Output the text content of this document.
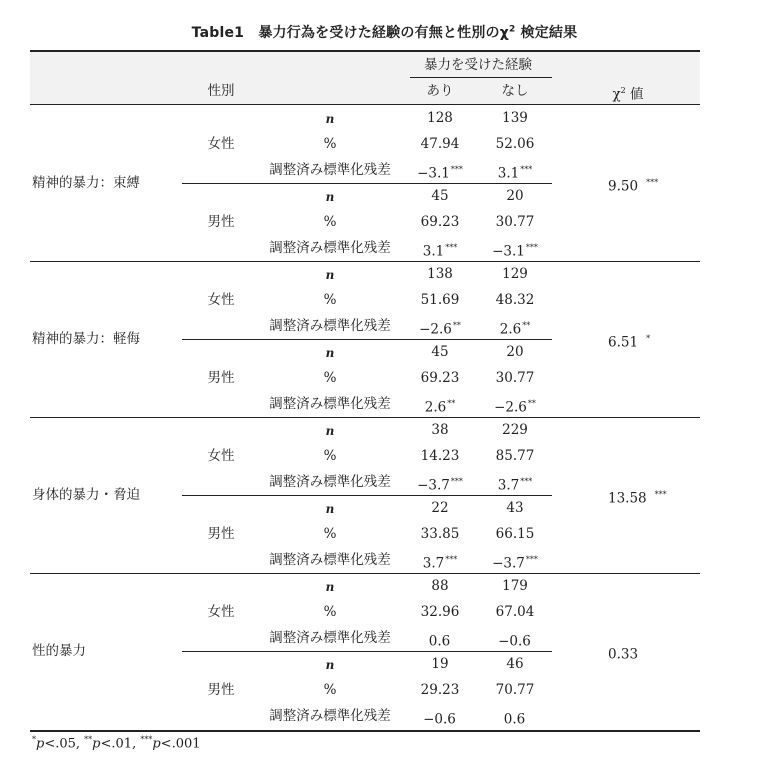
Table1　暴力行為を受けた経験の有無と性別の$\chi^2$ 検定結果
暴力を受けた経験
性別	あり	なし	$\chi^2$ 値
精神的暴力：束縛	9.50 ***
女性
n	128	139
%	47.94	52.06
調整済み標準化残差 −3.1***	3.1***
男性
n	45	20
%	69.23	30.77
調整済み標準化残差 3.1***	−3.1***
精神的暴力：軽侮	6.51 *
女性
n	138	129
%	51.69	48.32
調整済み標準化残差 −2.6**	2.6**
男性
n	45	20
%	69.23	30.77
調整済み標準化残差	2.6**	−2.6**
身体的暴力・脅迫	13.58 ***
女性
n	38	229
%	14.23	85.77
調整済み標準化残差 −3.7***	3.7***
男性
n	22	43
%	33.85	66.15
調整済み標準化残差 3.7***	−3.7***
性的暴力	0.33
女性
n	88	179
%	32.96	67.04
調整済み標準化残差	0.6	−0.6
男性
n	19	46
%	29.23	70.77
調整済み標準化残差 −0.6	0.6
*p<.05, **p<.01, ***p<.001
